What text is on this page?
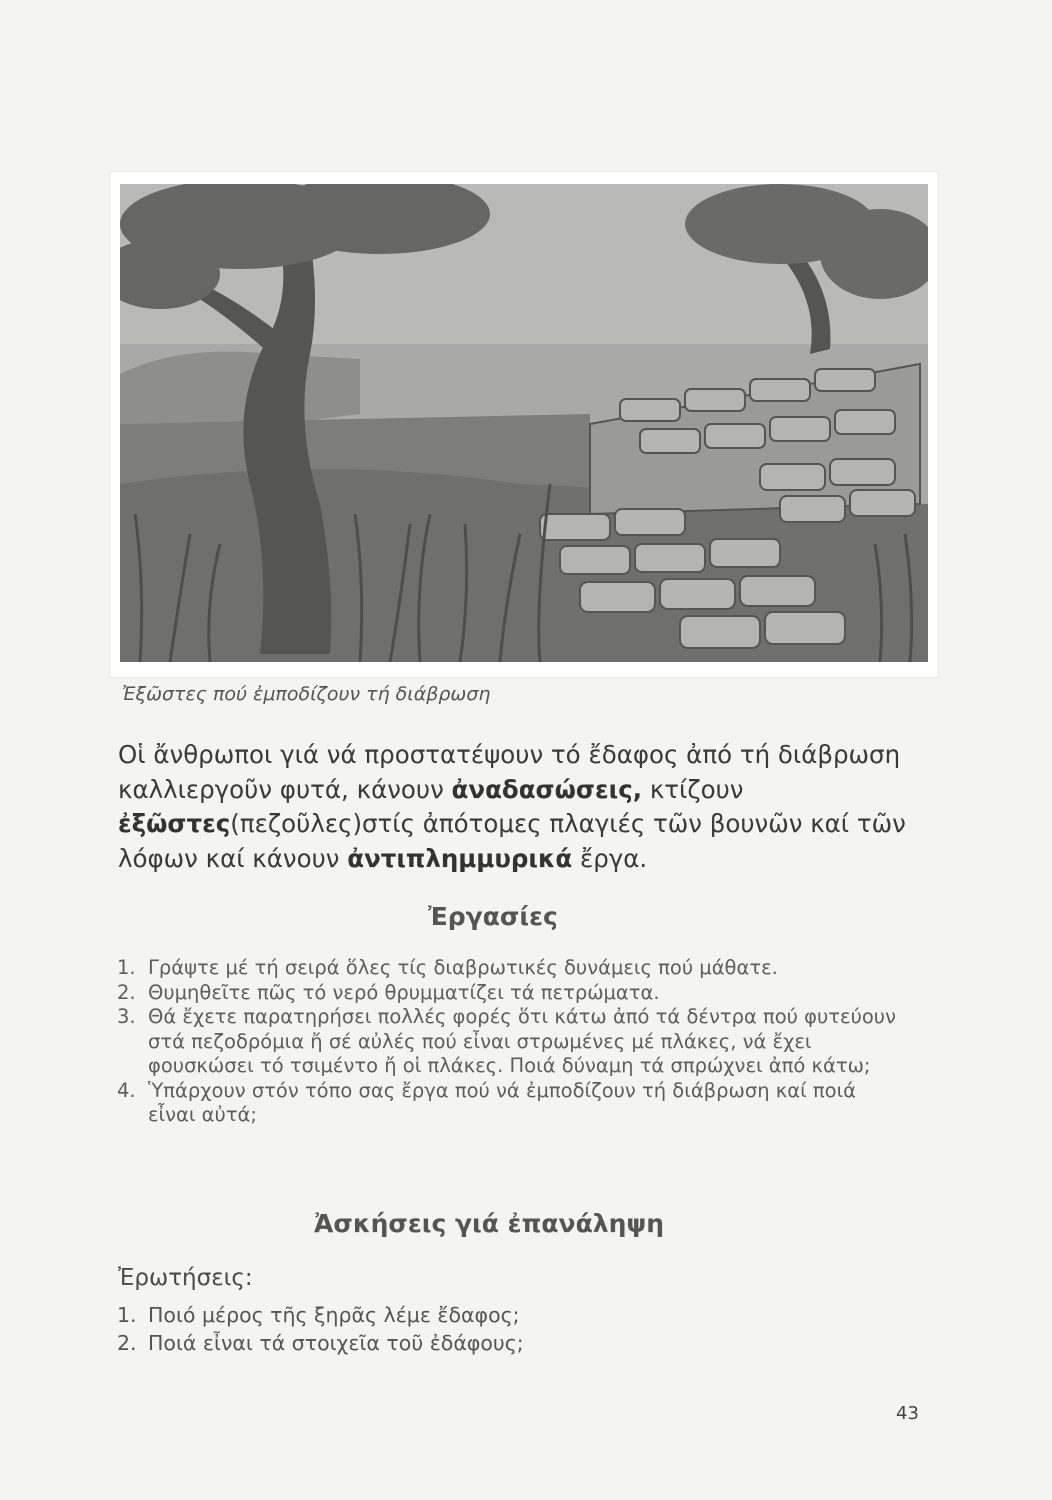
Ἐξῶστες πού ἐμποδίζουν τή διάβρωση

Οἱ ἄνθρωποι γιά νά προστατέψουν τό ἔδαφος ἀπό τή διάβρωση καλλιεργοῦν φυτά, κάνουν ἀναδασώσεις, κτίζουν ἐξῶστες(πεζοῦλες)στίς ἀπότομες πλαγιές τῶν βουνῶν καί τῶν λόφων καί κάνουν ἀντιπλημμυρικά ἔργα.

Ἐργασίες
1. Γράψτε μέ τή σειρά ὅλες τίς διαβρωτικές δυνάμεις πού μάθατε.
2. Θυμηθεῖτε πῶς τό νερό θρυμματίζει τά πετρώματα.
3. Θά ἔχετε παρατηρήσει πολλές φορές ὅτι κάτω ἀπό τά δέντρα πού φυτεύουν στά πεζοδρόμια ἤ σέ αὐλές πού εἶναι στρωμένες μέ πλάκες, νά ἔχει φουσκώσει τό τσιμέντο ἤ οἱ πλάκες. Ποιά δύναμη τά σπρώχνει ἀπό κάτω;
4. Ὑπάρχουν στόν τόπο σας ἔργα πού νά ἐμποδίζουν τή διάβρωση καί ποιά εἶναι αὐτά;
Ἀσκήσεις γιά ἐπανάληψη
Ἐρωτήσεις:
1. Ποιό μέρος τῆς ξηρᾶς λέμε ἔδαφος;
2. Ποιά εἶναι τά στοιχεῖα τοῦ ἐδάφους;
43
